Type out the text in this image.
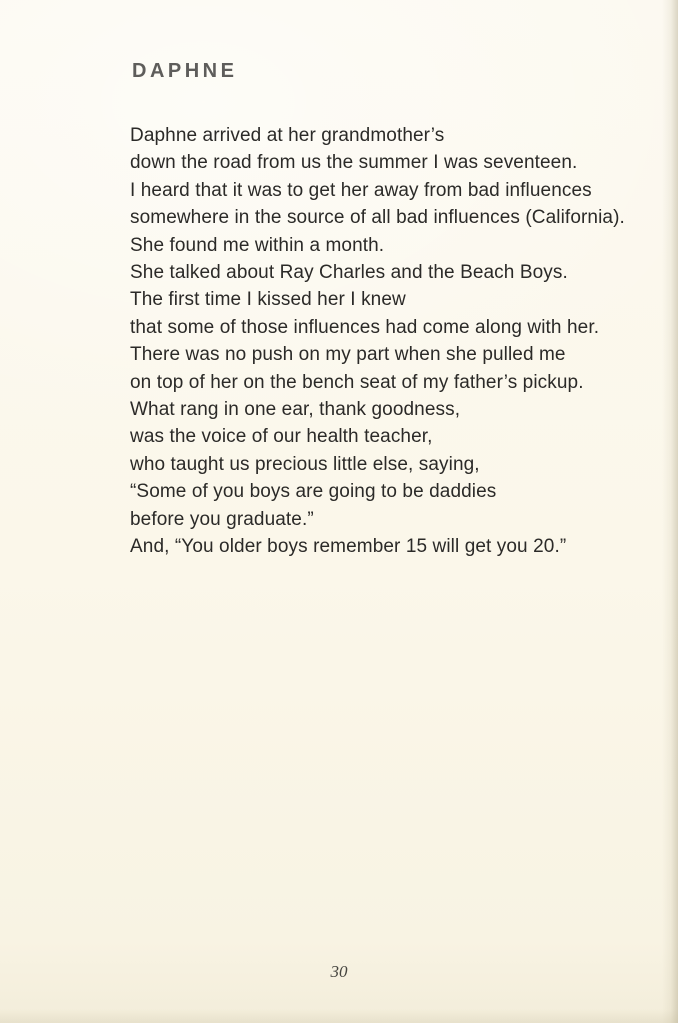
DAPHNE
Daphne arrived at her grandmother’s
down the road from us the summer I was seventeen.
I heard that it was to get her away from bad influences
somewhere in the source of all bad influences (California).
She found me within a month.
She talked about Ray Charles and the Beach Boys.
The first time I kissed her I knew
that some of those influences had come along with her.
There was no push on my part when she pulled me
on top of her on the bench seat of my father’s pickup.
What rang in one ear, thank goodness,
was the voice of our health teacher,
who taught us precious little else, saying,
“Some of you boys are going to be daddies
before you graduate.”
And, “You older boys remember 15 will get you 20.”
30
